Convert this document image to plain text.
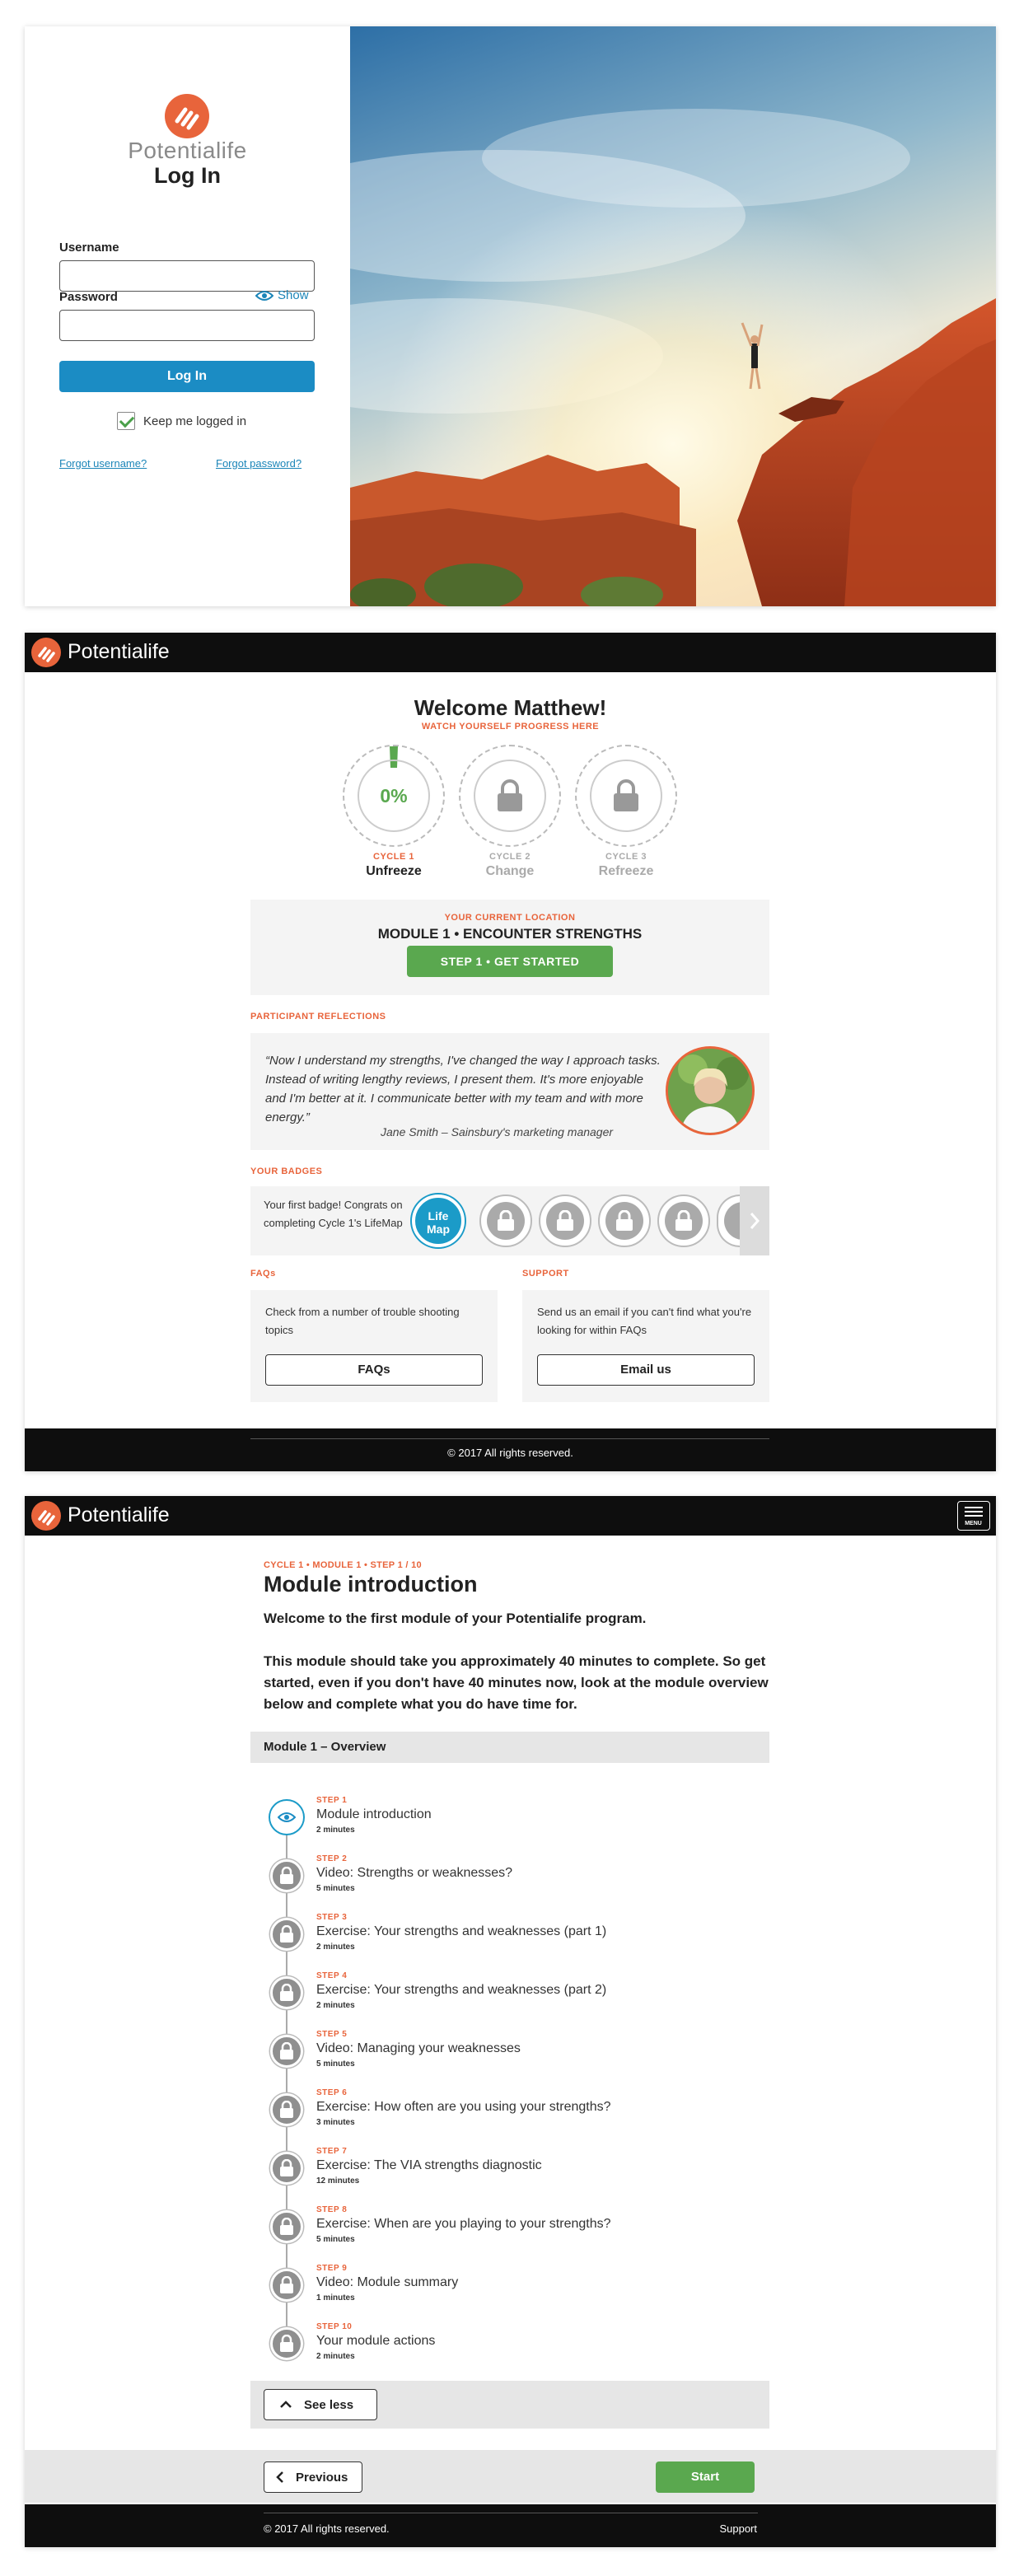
Potentialife
Log In
Username
Password	Show
Log In
Keep me logged in
Forgot username?	Forgot password?
Potentialife
Welcome Matthew!
WATCH YOURSELF PROGRESS HERE
0%
CYCLE 1
Unfreeze
CYCLE 2
Change
CYCLE 3
Refreeze
YOUR CURRENT LOCATION
MODULE 1 • ENCOUNTER STRENGTHS
STEP 1 • GET STARTED
PARTICIPANT REFLECTIONS
“Now I understand my strengths, I've changed the way I approach tasks. Instead of writing lengthy reviews, I present them. It's more enjoyable and I'm better at it. I communicate better with my team and with more energy.”
Jane Smith – Sainsbury's marketing manager
YOUR BADGES
Your first badge! Congrats on completing Cycle 1's LifeMap
Life
Map
FAQs
Check from a number of trouble shooting topics
FAQs
SUPPORT
Send us an email if you can't find what you're looking for within FAQs
Email us
© 2017 All rights reserved.
Potentialife	MENU
CYCLE 1 • MODULE 1 • STEP 1 / 10
Module introduction

Welcome to the first module of your Potentialife program.

This module should take you approximately 40 minutes to complete. So get started, even if you don't have 40 minutes now, look at the module overview below and complete what you do have time for.

Module 1 – Overview
STEP 1
Module introduction
2 minutes
STEP 2
Video: Strengths or weaknesses?
5 minutes
STEP 3
Exercise: Your strengths and weaknesses (part 1)
2 minutes
STEP 4
Exercise: Your strengths and weaknesses (part 2)
2 minutes
STEP 5
Video: Managing your weaknesses
5 minutes
STEP 6
Exercise: How often are you using your strengths?
3 minutes
STEP 7
Exercise: The VIA strengths diagnostic
12 minutes
STEP 8
Exercise: When are you playing to your strengths?
5 minutes
STEP 9
Video: Module summary
1 minutes
STEP 10
Your module actions
2 minutes
See less
Previous	Start
© 2017 All rights reserved.	Support
